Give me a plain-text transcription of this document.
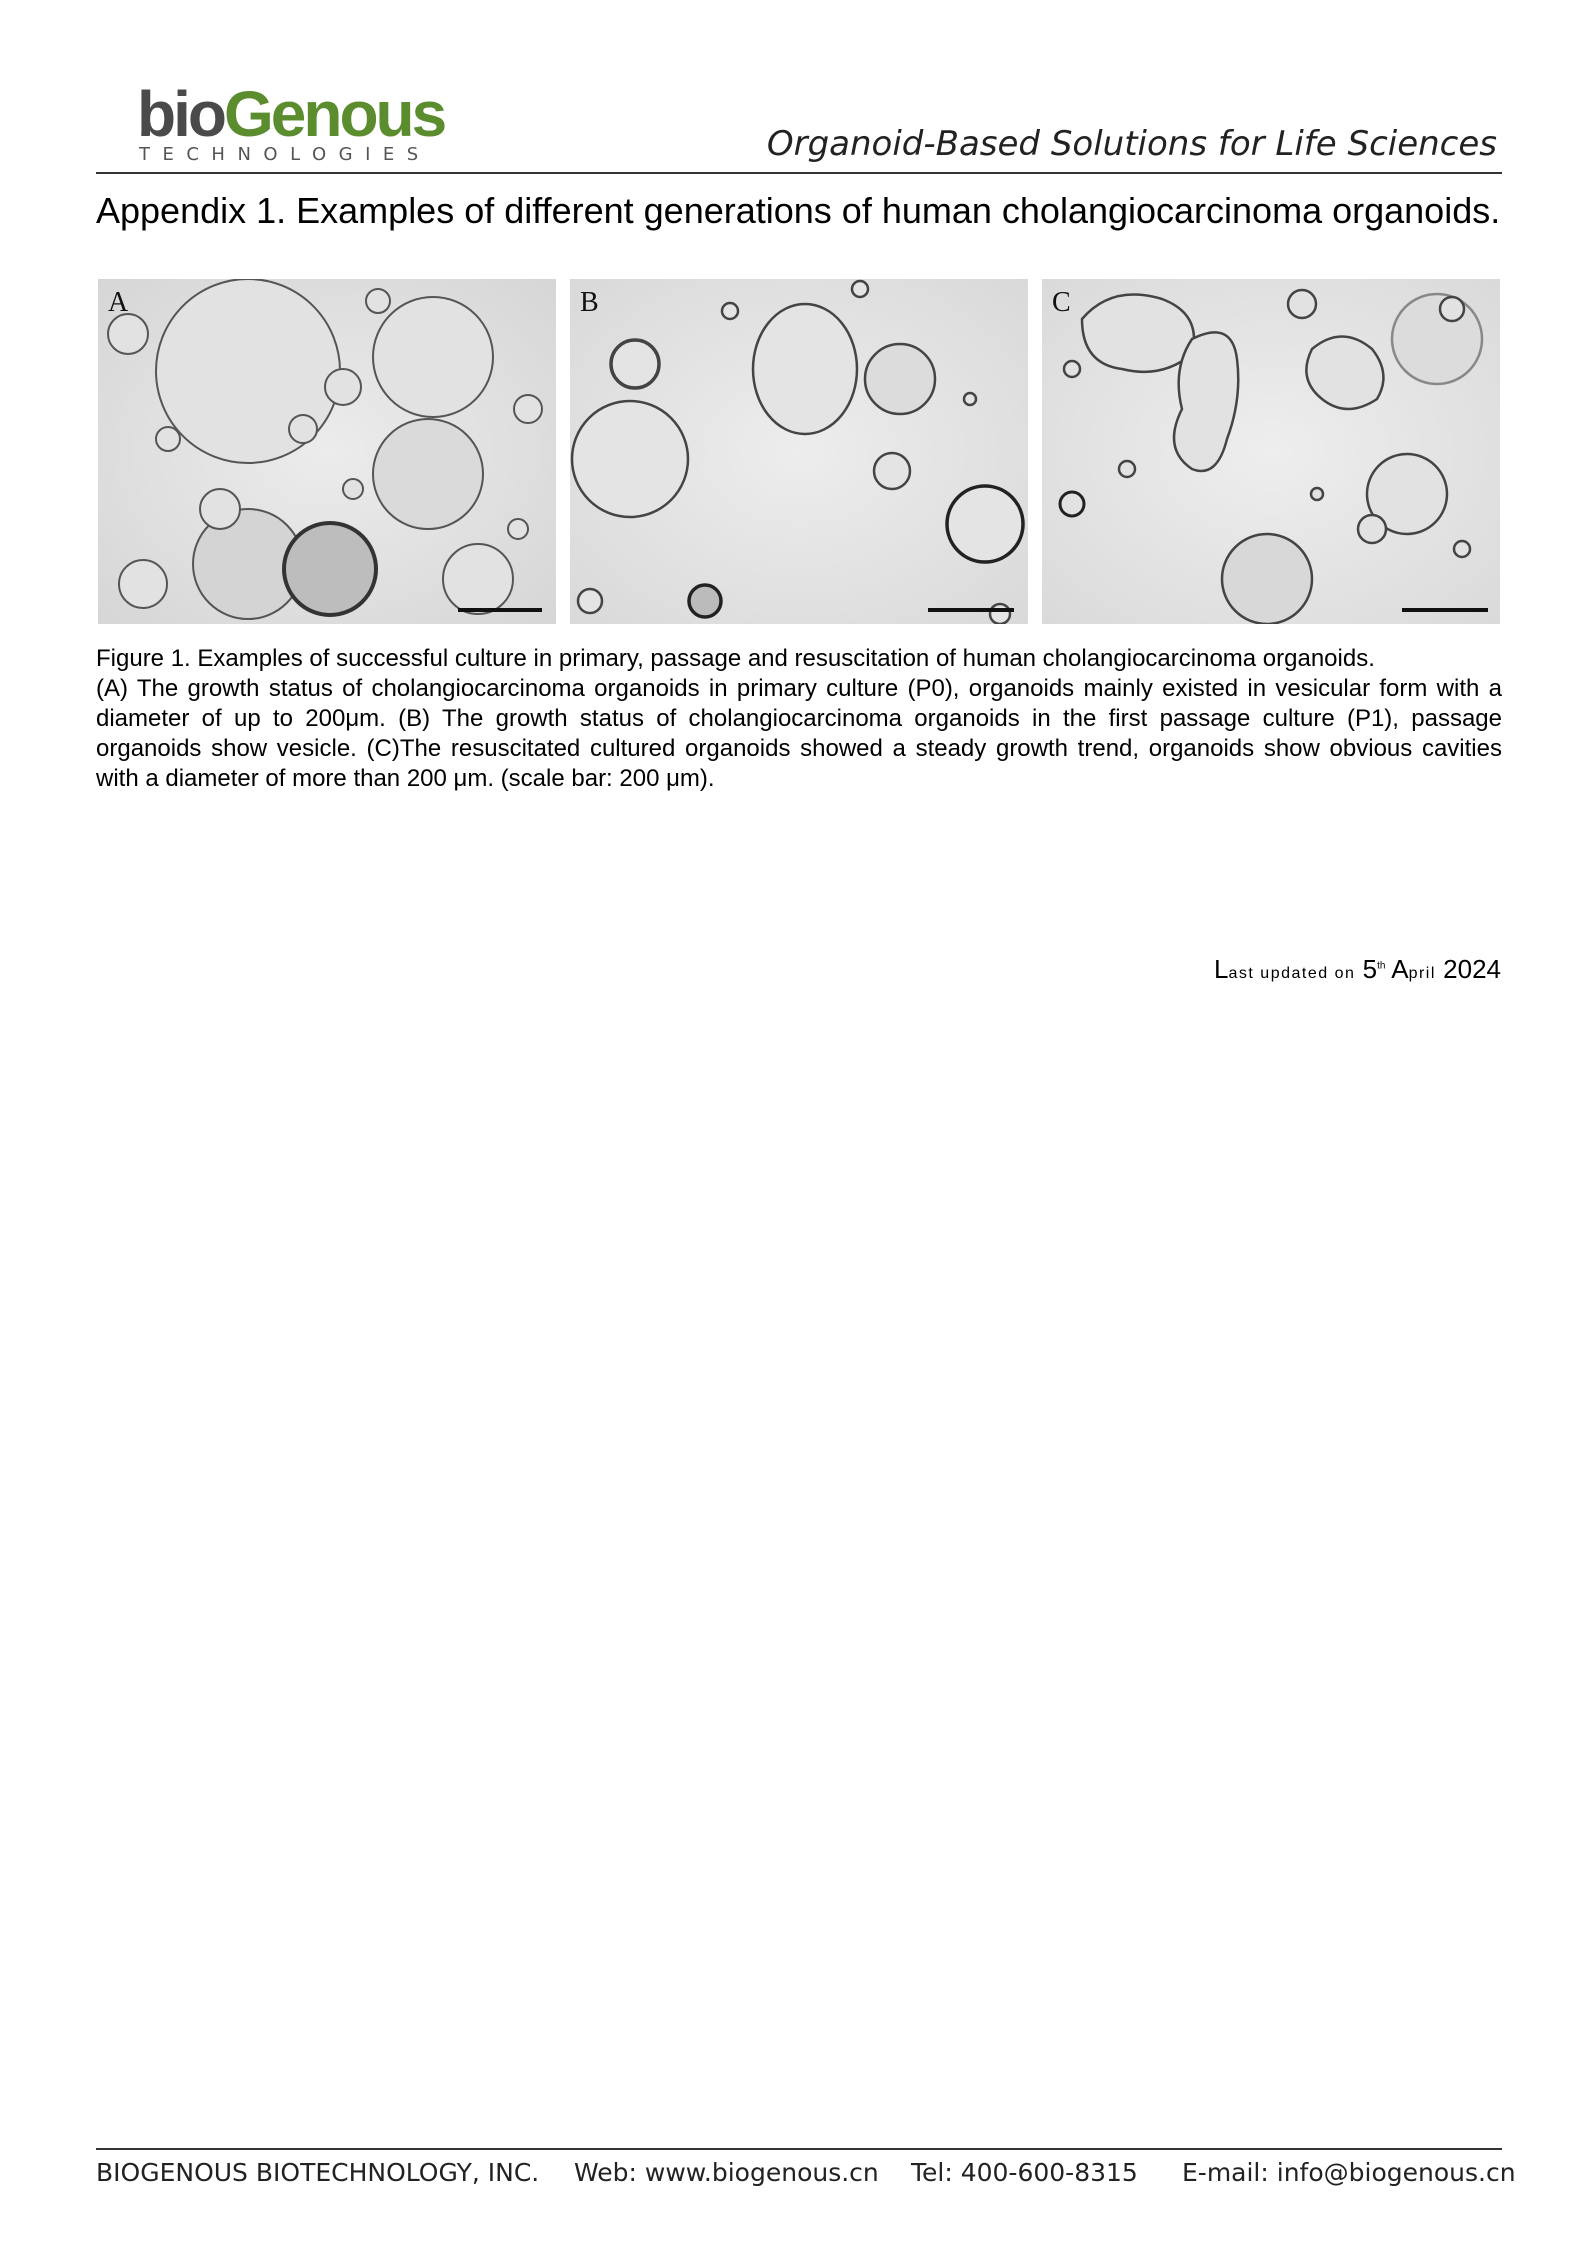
bioGenous
TECHNOLOGIES	Organoid-Based Solutions for Life Sciences
Appendix 1. Examples of different generations of human cholangiocarcinoma organoids.
A	B	C

Figure 1. Examples of successful culture in primary, passage and resuscitation of human cholangiocarcinoma organoids.

(A) The growth status of cholangiocarcinoma organoids in primary culture (P0), organoids mainly existed in vesicular form with a diameter of up to 200μm. (B) The growth status of cholangiocarcinoma organoids in the first passage culture (P1), passage organoids show vesicle. (C)The resuscitated cultured organoids showed a steady growth trend, organoids show obvious cavities with a diameter of more than 200 μm. (scale bar: 200 μm).

Last updated on 5th April 2024
BIOGENOUS BIOTECHNOLOGY, INC. Web: www.biogenous.cn Tel: 400-600-8315 E-mail: info@biogenous.cn
